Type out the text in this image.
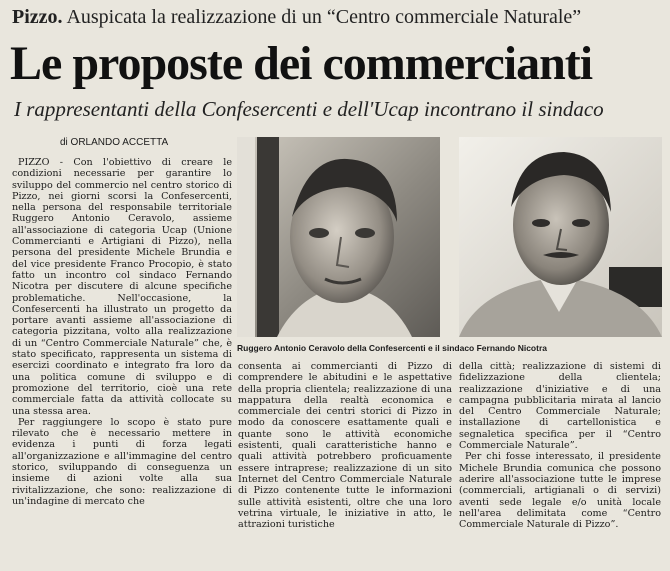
Pizzo. Auspicata la realizzazione di un “Centro commerciale Naturale”
Le proposte dei commercianti
I rappresentanti della Confesercenti e dell'Ucap incontrano il sindaco
di ORLANDO ACCETTA

PIZZO - Con l'obiettivo di creare le condizioni necessarie per garantire lo sviluppo del commercio nel centro storico di Pizzo, nei giorni scorsi la Confesercenti, nella persona del responsabile territoriale Ruggero Antonio Ceravolo, assieme all'associazione di categoria Ucap (Unione Commercianti e Artigiani di Pizzo), nella persona del presidente Michele Brundia e del vice presidente Franco Procopio, è stato fatto un incontro col sindaco Fernando Nicotra per discutere di alcune specifiche problematiche. Nell'occasione, la Confesercenti ha illustrato un progetto da portare avanti assieme all'associazione di categoria pizzitana, volto alla realizzazione di un “Centro Commerciale Naturale” che, è stato specificato, rappresenta un sistema di esercizi coordinato e integrato fra loro da una politica comune di sviluppo e di promozione del territorio, cioè una rete commerciale fatta da attività collocate su una stessa area.

Per raggiungere lo scopo è stato pure rilevato che è necessario mettere in evidenza i punti di forza legati all'organizzazione e all'immagine del centro storico, sviluppando di conseguenza un insieme di azioni volte alla sua rivitalizzazione, che sono: realizzazione di un'indagine di mercato che

Ruggero Antonio Ceravolo della Confesercenti e il sindaco Fernando Nicotra

consenta ai commercianti di Pizzo di comprendere le abitudini e le aspettative della propria clientela; realizzazione di una mappatura della realtà economica e commerciale dei centri storici di Pizzo in modo da conoscere esattamente quali e quante sono le attività economiche esistenti, quali caratteristiche hanno e quali attività potrebbero proficuamente essere intraprese; realizzazione di un sito Internet del Centro Commerciale Naturale di Pizzo contenente tutte le informazioni sulle attività esistenti, oltre che una loro vetrina virtuale, le iniziative in atto, le attrazioni turistiche

della città; realizzazione di sistemi di fidelizzazione della clientela; realizzazione d'iniziative e di una campagna pubblicitaria mirata al lancio del Centro Commerciale Naturale; installazione di cartellonistica e segnaletica specifica per il “Centro Commerciale Naturale”.

Per chi fosse interessato, il presidente Michele Brundia comunica che possono aderire all'associazione tutte le imprese (commerciali, artigianali o di servizi) aventi sede legale e/o unità locale nell'area delimitata come “Centro Commerciale Naturale di Pizzo”.
